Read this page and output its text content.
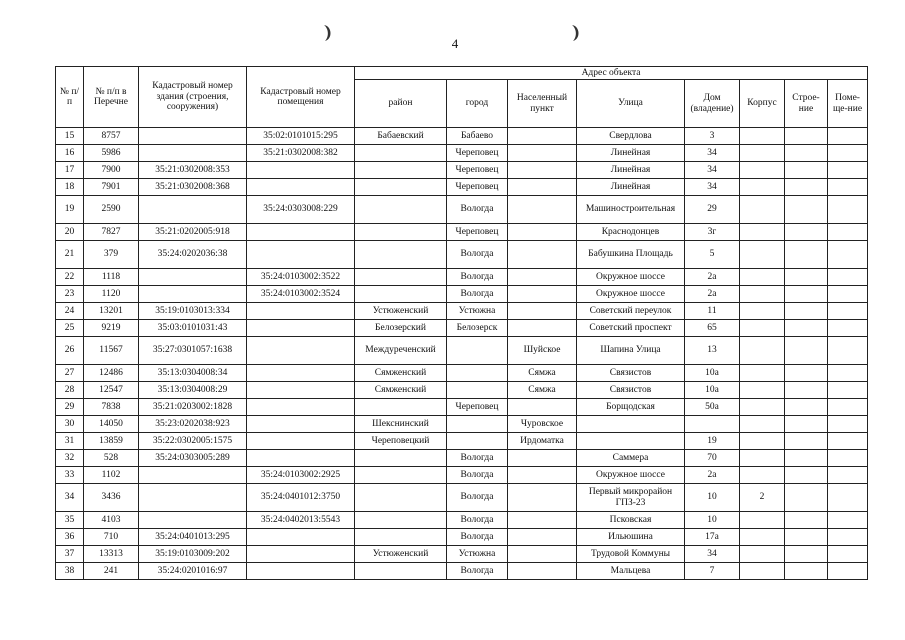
4
№ п/п	№ п/п в Перечне	Кадастровый номер здания (строения, сооружения)	Кадастровый номер помещения	Адрес объекта							
				район	город	Населенный пункт	Улица	Дом (владение)	Корпус	Строе-ние	Поме-ще-ние
15	8757		35:02:0101015:295	Бабаевский	Бабаево		Свердлова	3			
16	5986		35:21:0302008:382		Череповец		Линейная	34			
17	7900	35:21:0302008:353			Череповец		Линейная	34			
18	7901	35:21:0302008:368			Череповец		Линейная	34			
19	2590		35:24:0303008:229		Вологда		Машиностроительная	29			
20	7827	35:21:0202005:918			Череповец		Краснодонцев	3г			
21	379	35:24:0202036:38			Вологда		Бабушкина Площадь	5			
22	1118		35:24:0103002:3522		Вологда		Окружное шоссе	2а			
23	1120		35:24:0103002:3524		Вологда		Окружное шоссе	2а			
24	13201	35:19:0103013:334		Устюженский	Устюжна		Советский переулок	11			
25	9219	35:03:0101031:43		Белозерский	Белозерск		Советский проспект	65			
26	11567	35:27:0301057:1638		Междуреченский		Шуйское	Шапина Улица	13			
27	12486	35:13:0304008:34		Сямженский		Сямжа	Связистов	10а			
28	12547	35:13:0304008:29		Сямженский		Сямжа	Связистов	10а			
29	7838	35:21:0203002:1828			Череповец		Борщодская	50а			
30	14050	35:23:0202038:923		Шекснинский		Чуровское					
31	13859	35:22:0302005:1575		Череповецкий		Ирдоматка		19			
32	528	35:24:0303005:289			Вологда		Саммера	70			
33	1102		35:24:0103002:2925		Вологда		Окружное шоссе	2а			
34	3436		35:24:0401012:3750		Вологда		Первый микрорайон ГПЗ-23	10	2		
35	4103		35:24:0402013:5543		Вологда		Псковская	10			
36	710	35:24:0401013:295			Вологда		Ильюшина	17а			
37	13313	35:19:0103009:202		Устюженский	Устюжна		Трудовой Коммуны	34			
38	241	35:24:0201016:97			Вологда		Мальцева	7			
